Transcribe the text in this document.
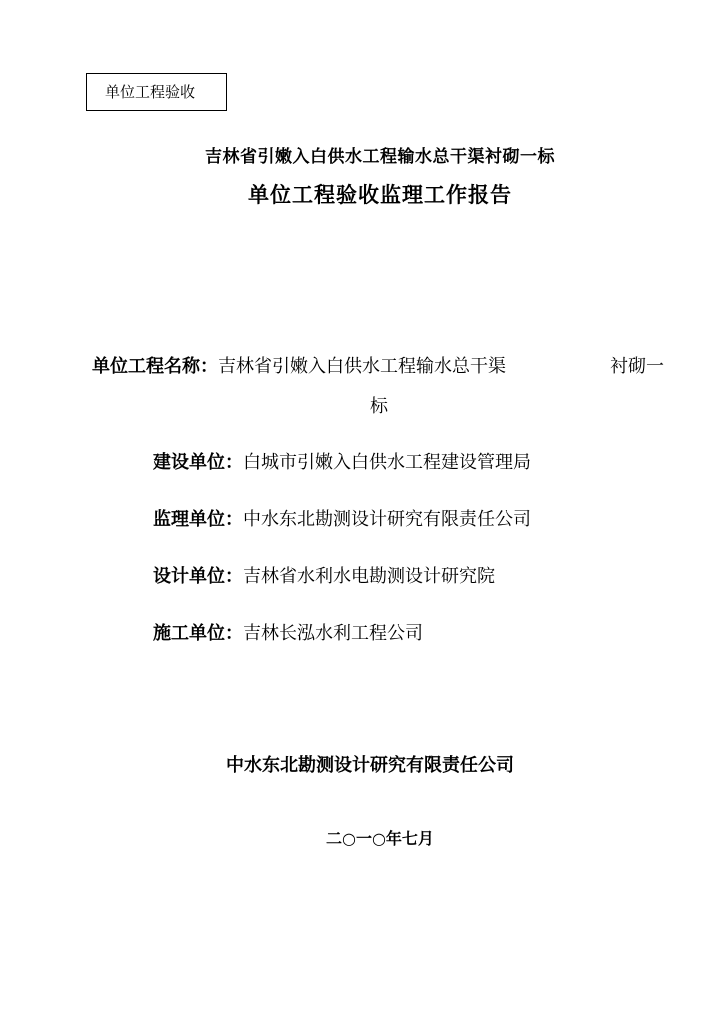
单位工程验收
吉林省引嫩入白供水工程输水总干渠衬砌一标
单位工程验收监理工作报告
单位工程名称：吉林省引嫩入白供水工程输水总干渠	衬砌一
标
建设单位：白城市引嫩入白供水工程建设管理局
监理单位：中水东北勘测设计研究有限责任公司
设计单位：吉林省水利水电勘测设计研究院
施工单位：吉林长泓水利工程公司
中水东北勘测设计研究有限责任公司
二○一○年七月
